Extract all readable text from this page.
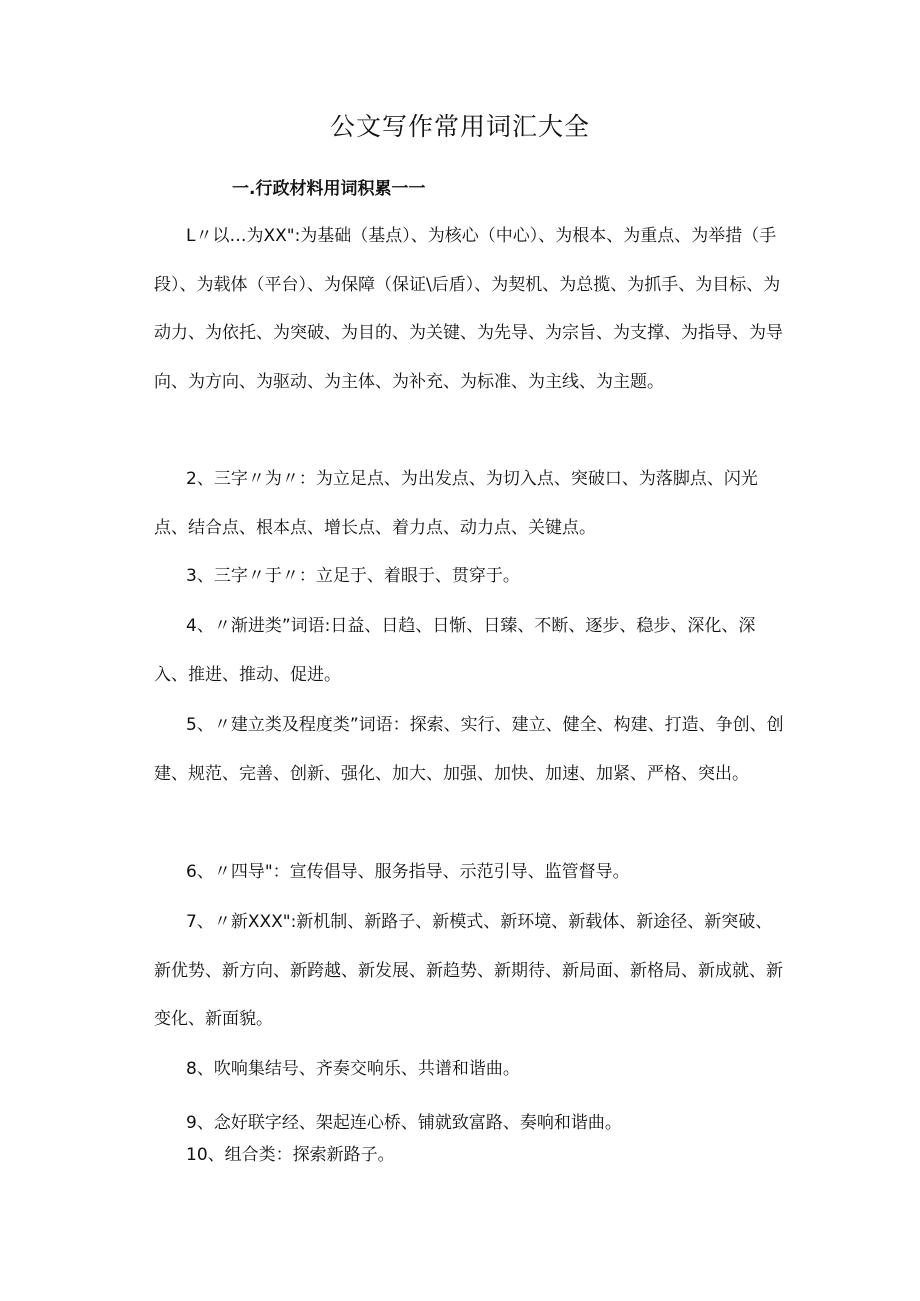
公文写作常用词汇大全
一.行政材料用词积累一一
L〃以…为XX":为基础（基点）、为核心（中心）、为根本、为重点、为举措（手段）、为载体（平台）、为保障（保证\后盾）、为契机、为总揽、为抓手、为目标、为动力、为依托、为突破、为目的、为关键、为先导、为宗旨、为支撑、为指导、为导向、为方向、为驱动、为主体、为补充、为标准、为主线、为主题。
2、三字〃为〃：为立足点、为出发点、为切入点、突破口、为落脚点、闪光点、结合点、根本点、增长点、着力点、动力点、关键点。
3、三字〃于〃：立足于、着眼于、贯穿于。
4、〃渐进类”词语:日益、日趋、日惭、日臻、不断、逐步、稳步、深化、深入、推进、推动、促进。
5、〃建立类及程度类”词语：探索、实行、建立、健全、构建、打造、争创、创建、规范、完善、创新、强化、加大、加强、加快、加速、加紧、严格、突出。
6、〃四导"：宣传倡导、服务指导、示范引导、监管督导。
7、〃新XXX":新机制、新路子、新模式、新环境、新载体、新途径、新突破、新优势、新方向、新跨越、新发展、新趋势、新期待、新局面、新格局、新成就、新变化、新面貌。
8、吹响集结号、齐奏交响乐、共谱和谐曲。
9、念好联字经、架起连心桥、铺就致富路、奏响和谐曲。
10、组合类：探索新路子。
